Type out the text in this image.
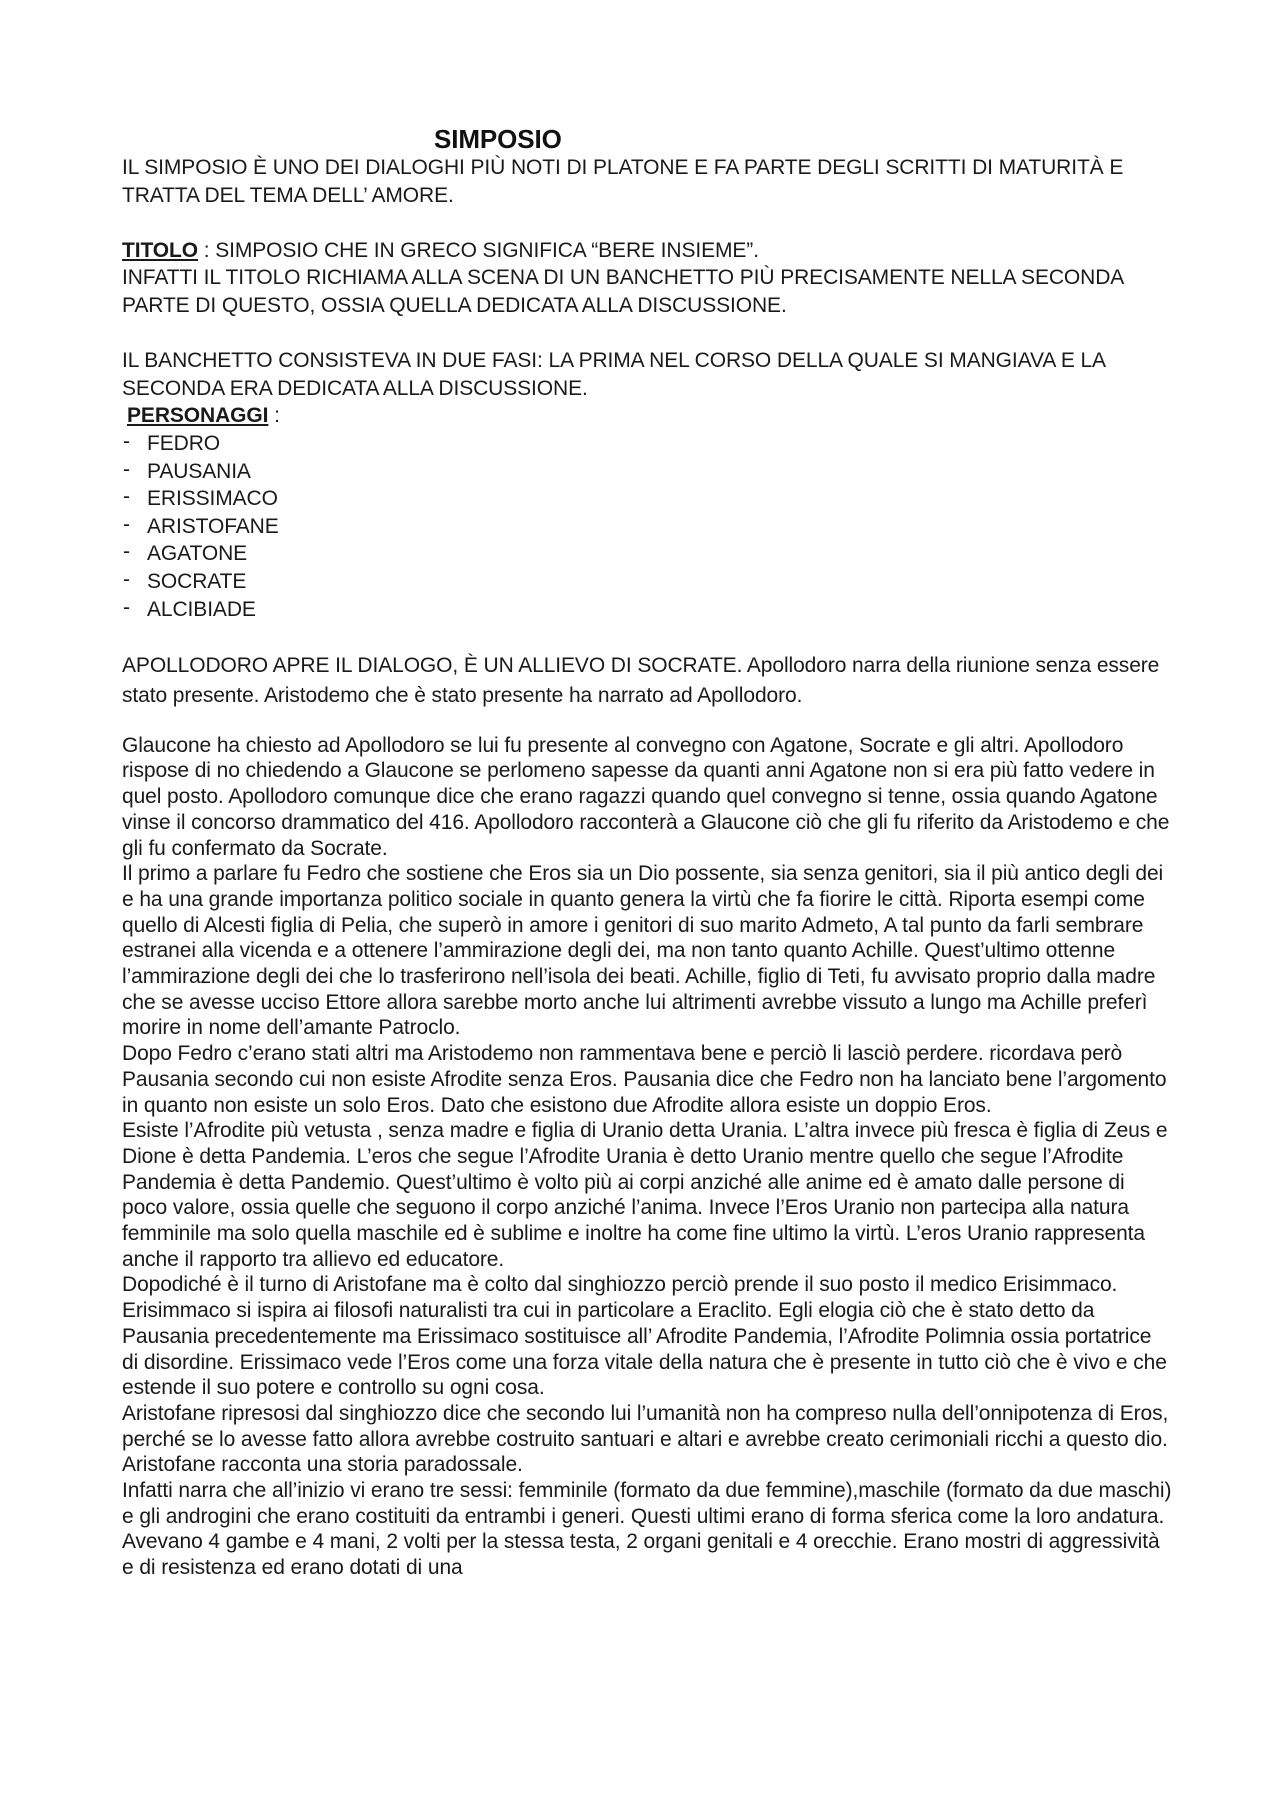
SIMPOSIO

IL SIMPOSIO È UNO DEI DIALOGHI PIÙ NOTI DI PLATONE E FA PARTE DEGLI SCRITTI DI MATURITÀ E TRATTA DEL TEMA DELL’ AMORE.

TITOLO : SIMPOSIO CHE IN GRECO SIGNIFICA “BERE INSIEME”.

INFATTI IL TITOLO RICHIAMA ALLA SCENA DI UN BANCHETTO PIÙ PRECISAMENTE NELLA SECONDA PARTE DI QUESTO, OSSIA QUELLA DEDICATA ALLA DISCUSSIONE.

IL BANCHETTO CONSISTEVA IN DUE FASI: LA PRIMA NEL CORSO DELLA QUALE SI MANGIAVA E LA SECONDA ERA DEDICATA ALLA DISCUSSIONE.

PERSONAGGI :

- FEDRO
- PAUSANIA
- ERISSIMACO
- ARISTOFANE
- AGATONE
- SOCRATE
- ALCIBIADE

APOLLODORO APRE IL DIALOGO, È UN ALLIEVO DI SOCRATE. Apollodoro narra della riunione senza essere stato presente. Aristodemo che è stato presente ha narrato ad Apollodoro.

Glaucone ha chiesto ad Apollodoro se lui fu presente al convegno con Agatone, Socrate e gli altri. Apollodoro rispose di no chiedendo a Glaucone se perlomeno sapesse da quanti anni Agatone non si era più fatto vedere in quel posto. Apollodoro comunque dice che erano ragazzi quando quel convegno si tenne, ossia quando Agatone vinse il concorso drammatico del 416. Apollodoro racconterà a Glaucone ciò che gli fu riferito da Aristodemo e che gli fu confermato da Socrate.

Il primo a parlare fu Fedro che sostiene che Eros sia un Dio possente, sia senza genitori, sia il più antico degli dei e ha una grande importanza politico sociale in quanto genera la virtù che fa fiorire le città. Riporta esempi come quello di Alcesti figlia di Pelia, che superò in amore i genitori di suo marito Admeto, A tal punto da farli sembrare estranei alla vicenda e a ottenere l’ammirazione degli dei, ma non tanto quanto Achille. Quest’ultimo ottenne l’ammirazione degli dei che lo trasferirono nell’isola dei beati. Achille, figlio di Teti, fu avvisato proprio dalla madre che se avesse ucciso Ettore allora sarebbe morto anche lui altrimenti avrebbe vissuto a lungo ma Achille preferì morire in nome dell’amante Patroclo.

Dopo Fedro c’erano stati altri ma Aristodemo non rammentava bene e perciò li lasciò perdere. ricordava però Pausania secondo cui non esiste Afrodite senza Eros. Pausania dice che Fedro non ha lanciato bene l’argomento in quanto non esiste un solo Eros. Dato che esistono due Afrodite allora esiste un doppio Eros.

Esiste l’Afrodite più vetusta , senza madre e figlia di Uranio detta Urania. L’altra invece più fresca è figlia di Zeus e Dione è detta Pandemia. L’eros che segue l’Afrodite Urania è detto Uranio mentre quello che segue l’Afrodite Pandemia è detta Pandemio. Quest’ultimo è volto più ai corpi anziché alle anime ed è amato dalle persone di poco valore, ossia quelle che seguono il corpo anziché l’anima. Invece l’Eros Uranio non partecipa alla natura femminile ma solo quella maschile ed è sublime e inoltre ha come fine ultimo la virtù. L’eros Uranio rappresenta anche il rapporto tra allievo ed educatore.

Dopodiché è il turno di Aristofane ma è colto dal singhiozzo perciò prende il suo posto il medico Erisimmaco.

Erisimmaco si ispira ai filosofi naturalisti tra cui in particolare a Eraclito. Egli elogia ciò che è stato detto da Pausania precedentemente ma Erissimaco sostituisce all’ Afrodite Pandemia, l’Afrodite Polimnia ossia portatrice di disordine. Erissimaco vede l’Eros come una forza vitale della natura che è presente in tutto ciò che è vivo e che estende il suo potere e controllo su ogni cosa.

Aristofane ripresosi dal singhiozzo dice che secondo lui l’umanità non ha compreso nulla dell’onnipotenza di Eros, perché se lo avesse fatto allora avrebbe costruito santuari e altari e avrebbe creato cerimoniali ricchi a questo dio. Aristofane racconta una storia paradossale.

Infatti narra che all’inizio vi erano tre sessi: femminile (formato da due femmine),maschile (formato da due maschi) e gli androgini che erano costituiti da entrambi i generi. Questi ultimi erano di forma sferica come la loro andatura. Avevano 4 gambe e 4 mani, 2 volti per la stessa testa, 2 organi genitali e 4 orecchie. Erano mostri di aggressività e di resistenza ed erano dotati di una
